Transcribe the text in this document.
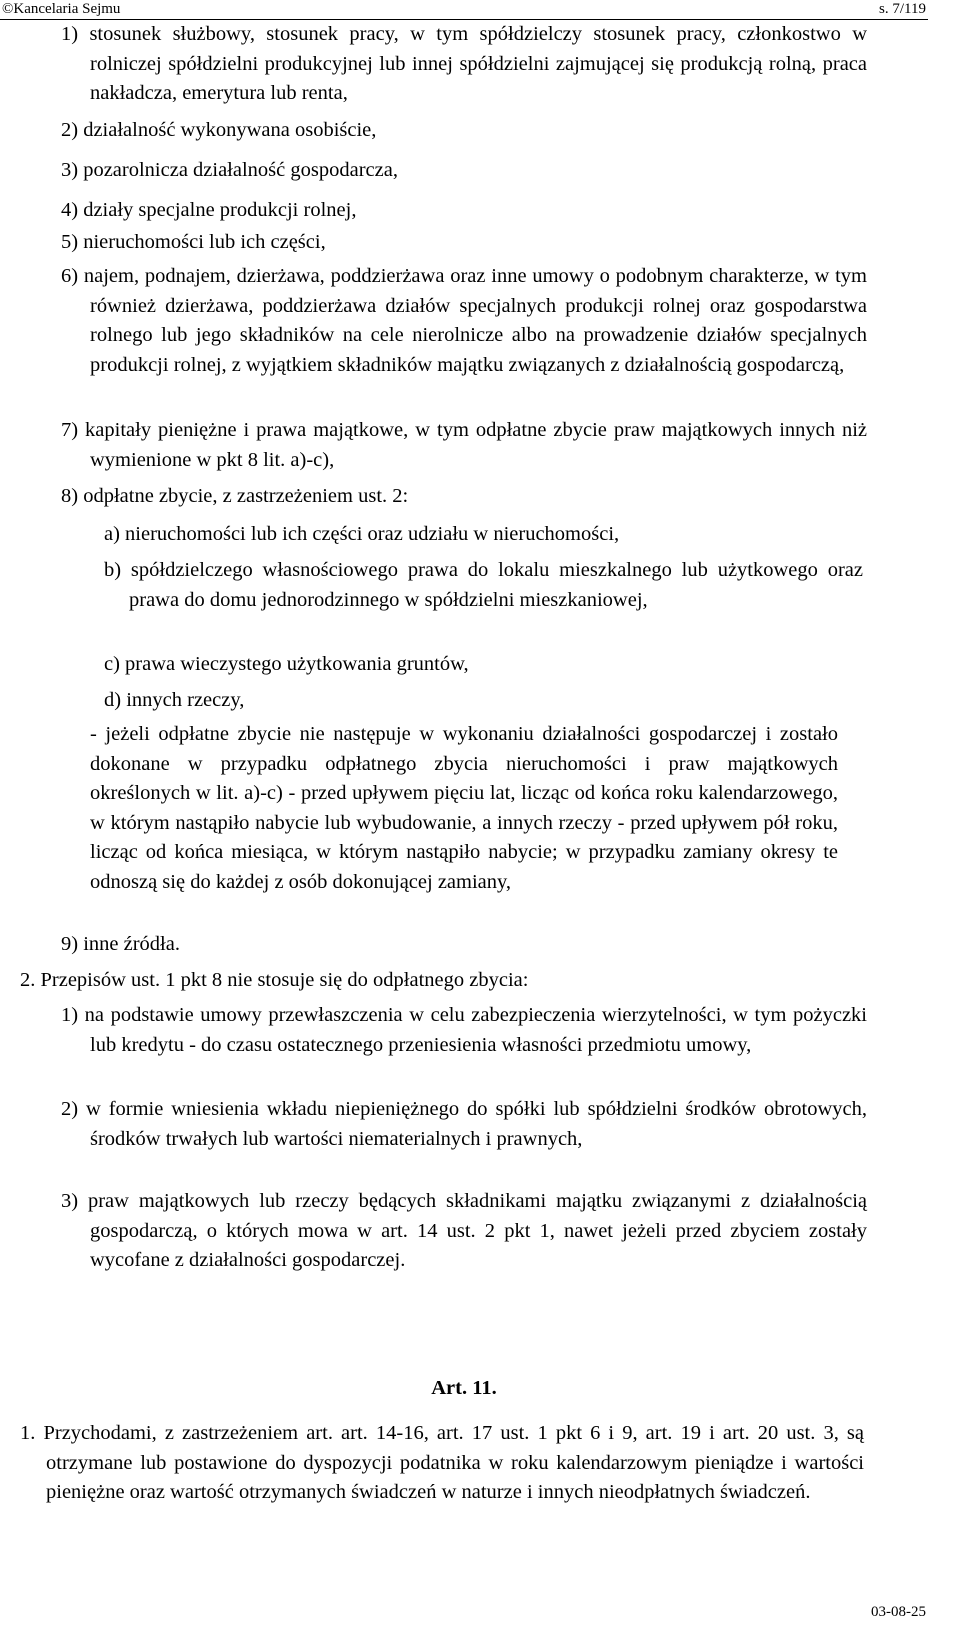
©Kancelaria Sejmu	s. 7/119
1) stosunek służbowy, stosunek pracy, w tym spółdzielczy stosunek pracy, członkostwo w rolniczej spółdzielni produkcyjnej lub innej spółdzielni zajmującej się produkcją rolną, praca nakładcza, emerytura lub renta,
2) działalność wykonywana osobiście,
3) pozarolnicza działalność gospodarcza,
4) działy specjalne produkcji rolnej,
5) nieruchomości lub ich części,
6) najem, podnajem, dzierżawa, poddzierżawa oraz inne umowy o podobnym charakterze, w tym również dzierżawa, poddzierżawa działów specjalnych produkcji rolnej oraz gospodarstwa rolnego lub jego składników na cele nierolnicze albo na prowadzenie działów specjalnych produkcji rolnej, z wyjątkiem składników majątku związanych z działalnością gospodarczą,
7) kapitały pieniężne i prawa majątkowe, w tym odpłatne zbycie praw majątkowych innych niż wymienione w pkt 8 lit. a)-c),
8) odpłatne zbycie, z zastrzeżeniem ust. 2:
a) nieruchomości lub ich części oraz udziału w nieruchomości,
b) spółdzielczego własnościowego prawa do lokalu mieszkalnego lub użytkowego oraz prawa do domu jednorodzinnego w spółdzielni mieszkaniowej,
c) prawa wieczystego użytkowania gruntów,
d) innych rzeczy,
- jeżeli odpłatne zbycie nie następuje w wykonaniu działalności gospodarczej i zostało dokonane w przypadku odpłatnego zbycia nieruchomości i praw majątkowych określonych w lit. a)-c) - przed upływem pięciu lat, licząc od końca roku kalendarzowego, w którym nastąpiło nabycie lub wybudowanie, a innych rzeczy - przed upływem pół roku, licząc od końca miesiąca, w którym nastąpiło nabycie; w przypadku zamiany okresy te odnoszą się do każdej z osób dokonującej zamiany,
9) inne źródła.
2. Przepisów ust. 1 pkt 8 nie stosuje się do odpłatnego zbycia:
1) na podstawie umowy przewłaszczenia w celu zabezpieczenia wierzytelności, w tym pożyczki lub kredytu - do czasu ostatecznego przeniesienia własności przedmiotu umowy,
2) w formie wniesienia wkładu niepieniężnego do spółki lub spółdzielni środków obrotowych, środków trwałych lub wartości niematerialnych i prawnych,
3) praw majątkowych lub rzeczy będących składnikami majątku związanymi z działalnością gospodarczą, o których mowa w art. 14 ust. 2 pkt 1, nawet jeżeli przed zbyciem zostały wycofane z działalności gospodarczej.
Art. 11.
1. Przychodami, z zastrzeżeniem art. art. 14-16, art. 17 ust. 1 pkt 6 i 9, art. 19 i art. 20 ust. 3, są otrzymane lub postawione do dyspozycji podatnika w roku kalendarzowym pieniądze i wartości pieniężne oraz wartość otrzymanych świadczeń w naturze i innych nieodpłatnych świadczeń.
03-08-25
